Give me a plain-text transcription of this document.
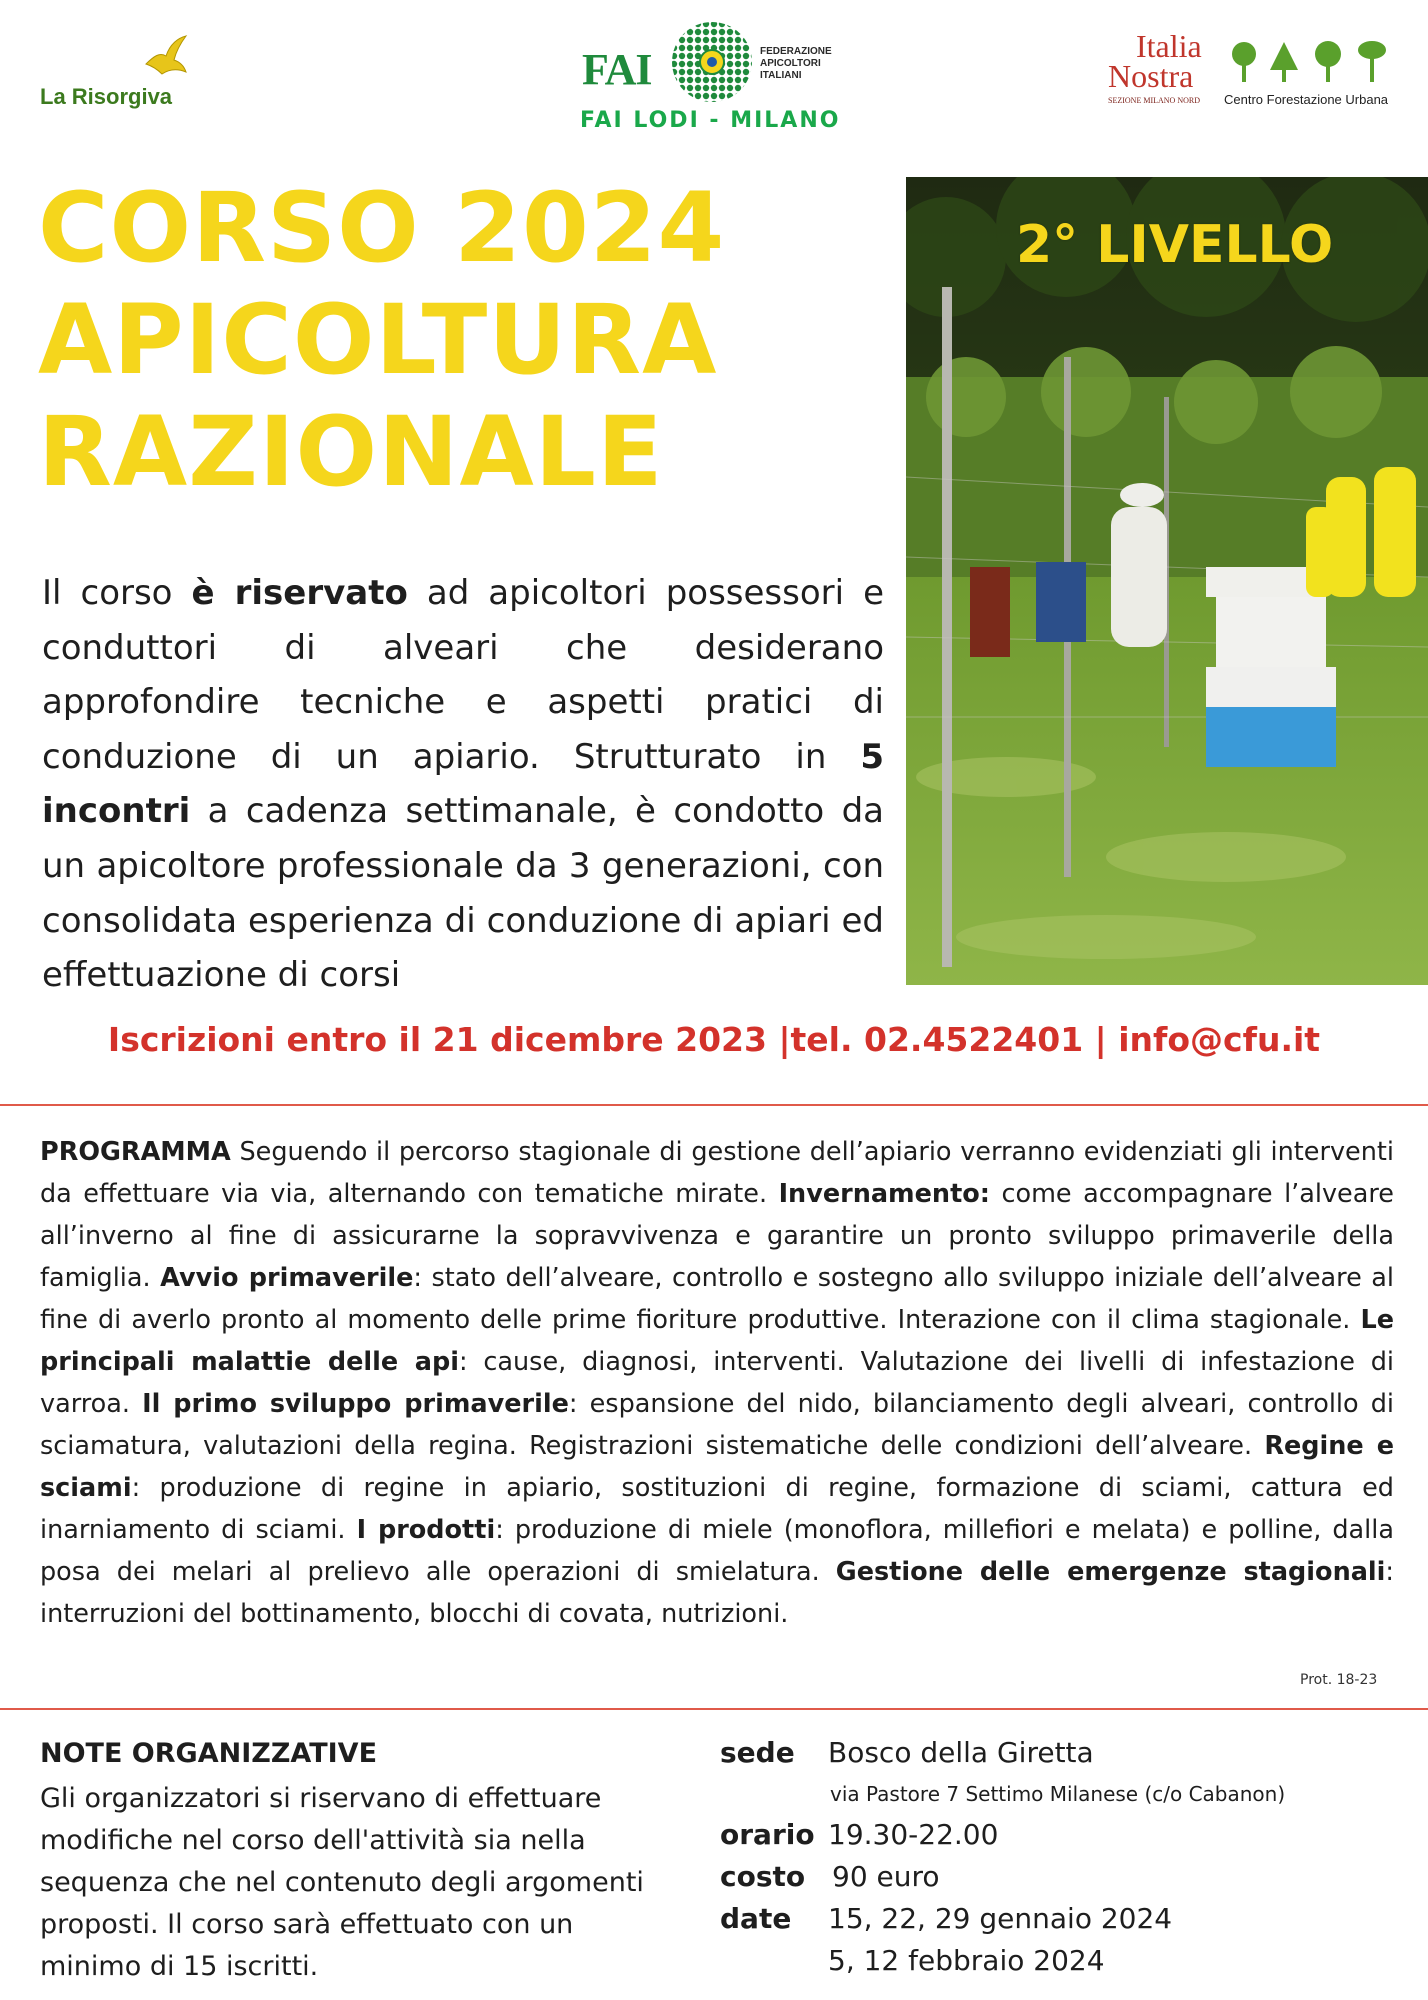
La Risorgiva
FAI	FEDERAZIONE
APICOLTORI
ITALIANI
FAI LODI - MILANO
Italia
Nostra
SEZIONE MILANO NORD Centro Forestazione Urbana
CORSO 2024
APICOLTURA
RAZIONALE
2° LIVELLO
Il corso è riservato ad apicoltori possessori e conduttori di alveari che desiderano approfondire tecniche e aspetti pratici di conduzione di un apiario. Strutturato in 5 incontri a cadenza settimanale, è condotto da un apicoltore professionale da 3 generazioni, con consolidata esperienza di conduzione di apiari ed effettuazione di corsi
Iscrizioni entro il 21 dicembre 2023 |tel. 02.4522401 | info@cfu.it
PROGRAMMA Seguendo il percorso stagionale di gestione dell’apiario verranno evidenziati gli interventi da effettuare via via, alternando con tematiche mirate. Invernamento: come accompagnare l’alveare all’inverno al fine di assicurarne la sopravvivenza e garantire un pronto sviluppo primaverile della famiglia. Avvio primaverile: stato dell’alveare, controllo e sostegno allo sviluppo iniziale dell’alveare al fine di averlo pronto al momento delle prime fioriture produttive. Interazione con il clima stagionale. Le principali malattie delle api: cause, diagnosi, interventi. Valutazione dei livelli di infestazione di varroa. Il primo sviluppo primaverile: espansione del nido, bilanciamento degli alveari, controllo di sciamatura, valutazioni della regina. Registrazioni sistematiche delle condizioni dell’alveare. Regine e sciami: produzione di regine in apiario, sostituzioni di regine, formazione di sciami, cattura ed inarniamento di sciami. I prodotti: produzione di miele (monoflora, millefiori e melata) e polline, dalla posa dei melari al prelievo alle operazioni di smielatura. Gestione delle emergenze stagionali: interruzioni del bottinamento, blocchi di covata, nutrizioni.
Prot. 18-23
NOTE ORGANIZZATIVE
Gli organizzatori si riservano di effettuare modifiche nel corso dell'attività sia nella sequenza che nel contenuto degli argomenti proposti. Il corso sarà effettuato con un minimo di 15 iscritti.
sede Bosco della Giretta
via Pastore 7 Settimo Milanese (c/o Cabanon)
orario 19.30-22.00
costo 90 euro
date 15, 22, 29 gennaio 2024
5, 12 febbraio 2024
